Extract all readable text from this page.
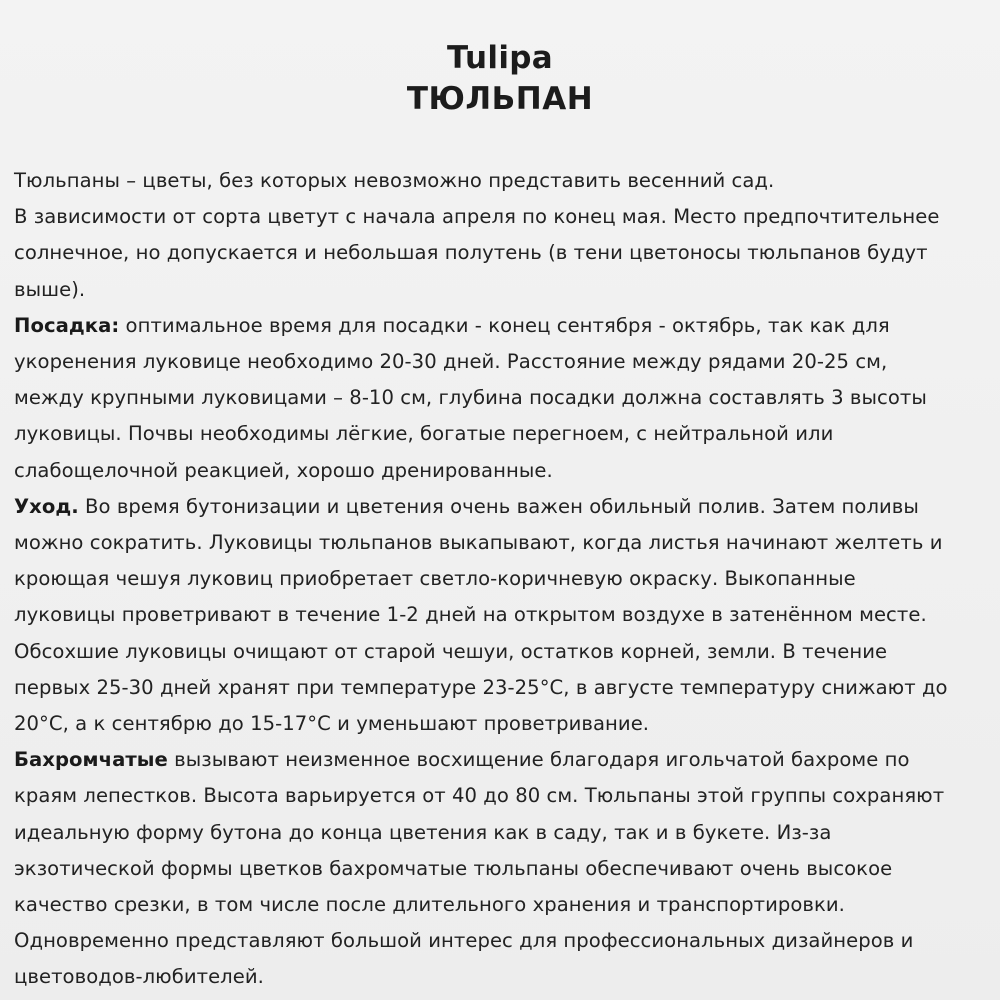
Tulipa
ТЮЛЬПАН
Тюльпаны – цветы, без которых невозможно представить весенний сад.
В зависимости от сорта цветут с начала апреля по конец мая. Место предпочтительнее
солнечное, но допускается и небольшая полутень (в тени цветоносы тюльпанов будут
выше).
Посадка: оптимальное время для посадки - конец сентября - октябрь, так как для
укоренения луковице необходимо 20-30 дней. Расстояние между рядами 20-25 см,
между крупными луковицами – 8-10 см, глубина посадки должна составлять 3 высоты
луковицы. Почвы необходимы лёгкие, богатые перегноем, с нейтральной или
слабощелочной реакцией, хорошо дренированные.
Уход. Во время бутонизации и цветения очень важен обильный полив. Затем поливы
можно сократить. Луковицы тюльпанов выкапывают, когда листья начинают желтеть и
кроющая чешуя луковиц приобретает светло-коричневую окраску. Выкопанные
луковицы проветривают в течение 1-2 дней на открытом воздухе в затенённом месте.
Обсохшие луковицы очищают от старой чешуи, остатков корней, земли. В течение
первых 25-30 дней хранят при температуре 23-25°C, в августе температуру снижают до
20°C, а к сентябрю до 15-17°C и уменьшают проветривание.
Бахромчатые вызывают неизменное восхищение благодаря игольчатой бахроме по
краям лепестков. Высота варьируется от 40 до 80 см. Тюльпаны этой группы сохраняют
идеальную форму бутона до конца цветения как в саду, так и в букете. Из-за
экзотической формы цветков бахромчатые тюльпаны обеспечивают очень высокое
качество срезки, в том числе после длительного хранения и транспортировки.
Одновременно представляют большой интерес для профессиональных дизайнеров и
цветоводов-любителей.
